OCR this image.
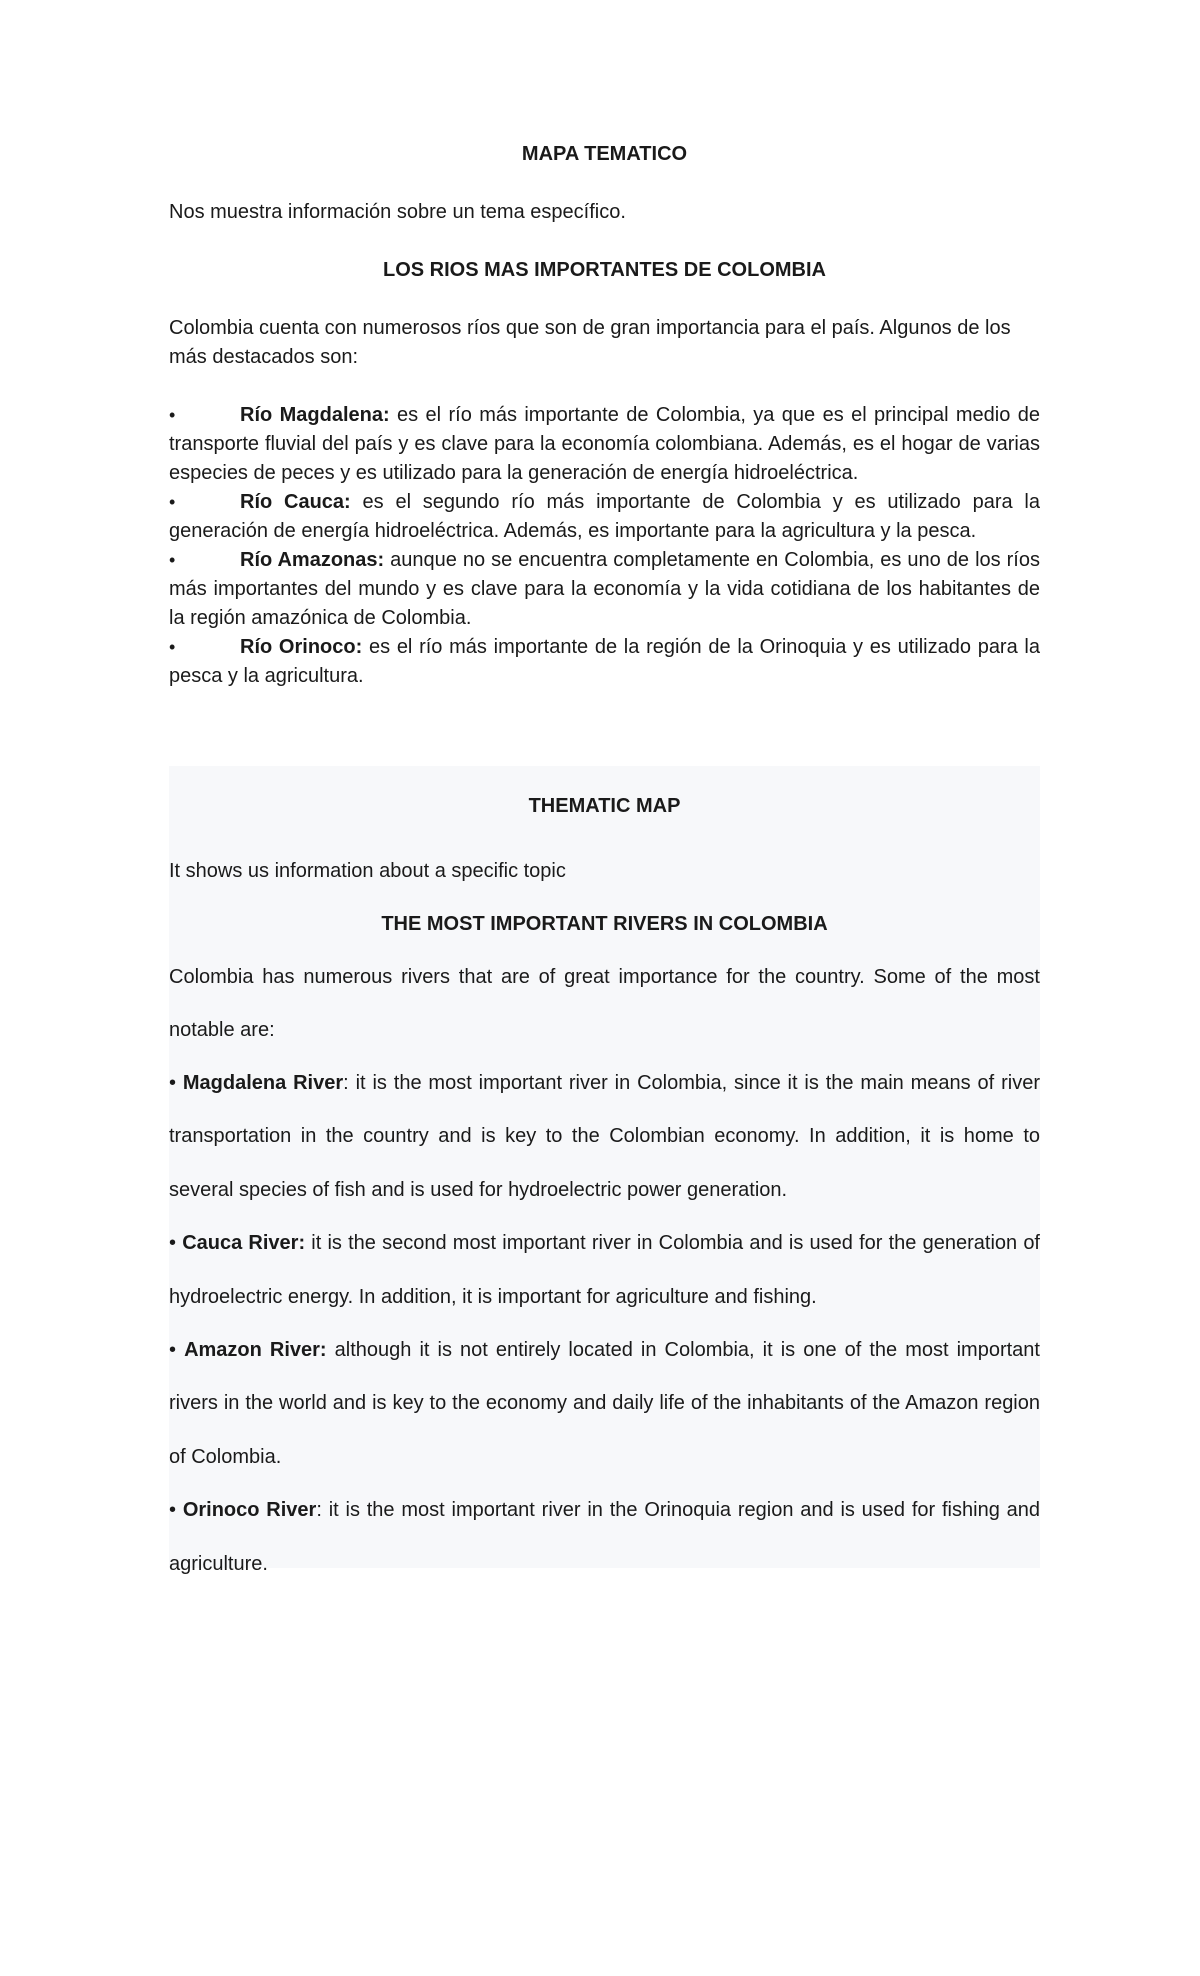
MAPA TEMATICO

Nos muestra información sobre un tema específico.

LOS RIOS MAS IMPORTANTES DE COLOMBIA

Colombia cuenta con numerosos ríos que son de gran importancia para el país. Algunos de los más destacados son:

•	Río Magdalena: es el río más importante de Colombia, ya que es el principal medio de transporte fluvial del país y es clave para la economía colombiana. Además, es el hogar de varias especies de peces y es utilizado para la generación de energía hidroeléctrica.
•	Río Cauca: es el segundo río más importante de Colombia y es utilizado para la generación de energía hidroeléctrica. Además, es importante para la agricultura y la pesca.
•	Río Amazonas: aunque no se encuentra completamente en Colombia, es uno de los ríos más importantes del mundo y es clave para la economía y la vida cotidiana de los habitantes de la región amazónica de Colombia.
•	Río Orinoco: es el río más importante de la región de la Orinoquia y es utilizado para la pesca y la agricultura.

THEMATIC MAP

It shows us information about a specific topic

THE MOST IMPORTANT RIVERS IN COLOMBIA

Colombia has numerous rivers that are of great importance for the country. Some of the most notable are:

• Magdalena River: it is the most important river in Colombia, since it is the main means of river transportation in the country and is key to the Colombian economy. In addition, it is home to several species of fish and is used for hydroelectric power generation.

• Cauca River: it is the second most important river in Colombia and is used for the generation of hydroelectric energy. In addition, it is important for agriculture and fishing.

• Amazon River: although it is not entirely located in Colombia, it is one of the most important rivers in the world and is key to the economy and daily life of the inhabitants of the Amazon region of Colombia.

• Orinoco River: it is the most important river in the Orinoquia region and is used for fishing and agriculture.
